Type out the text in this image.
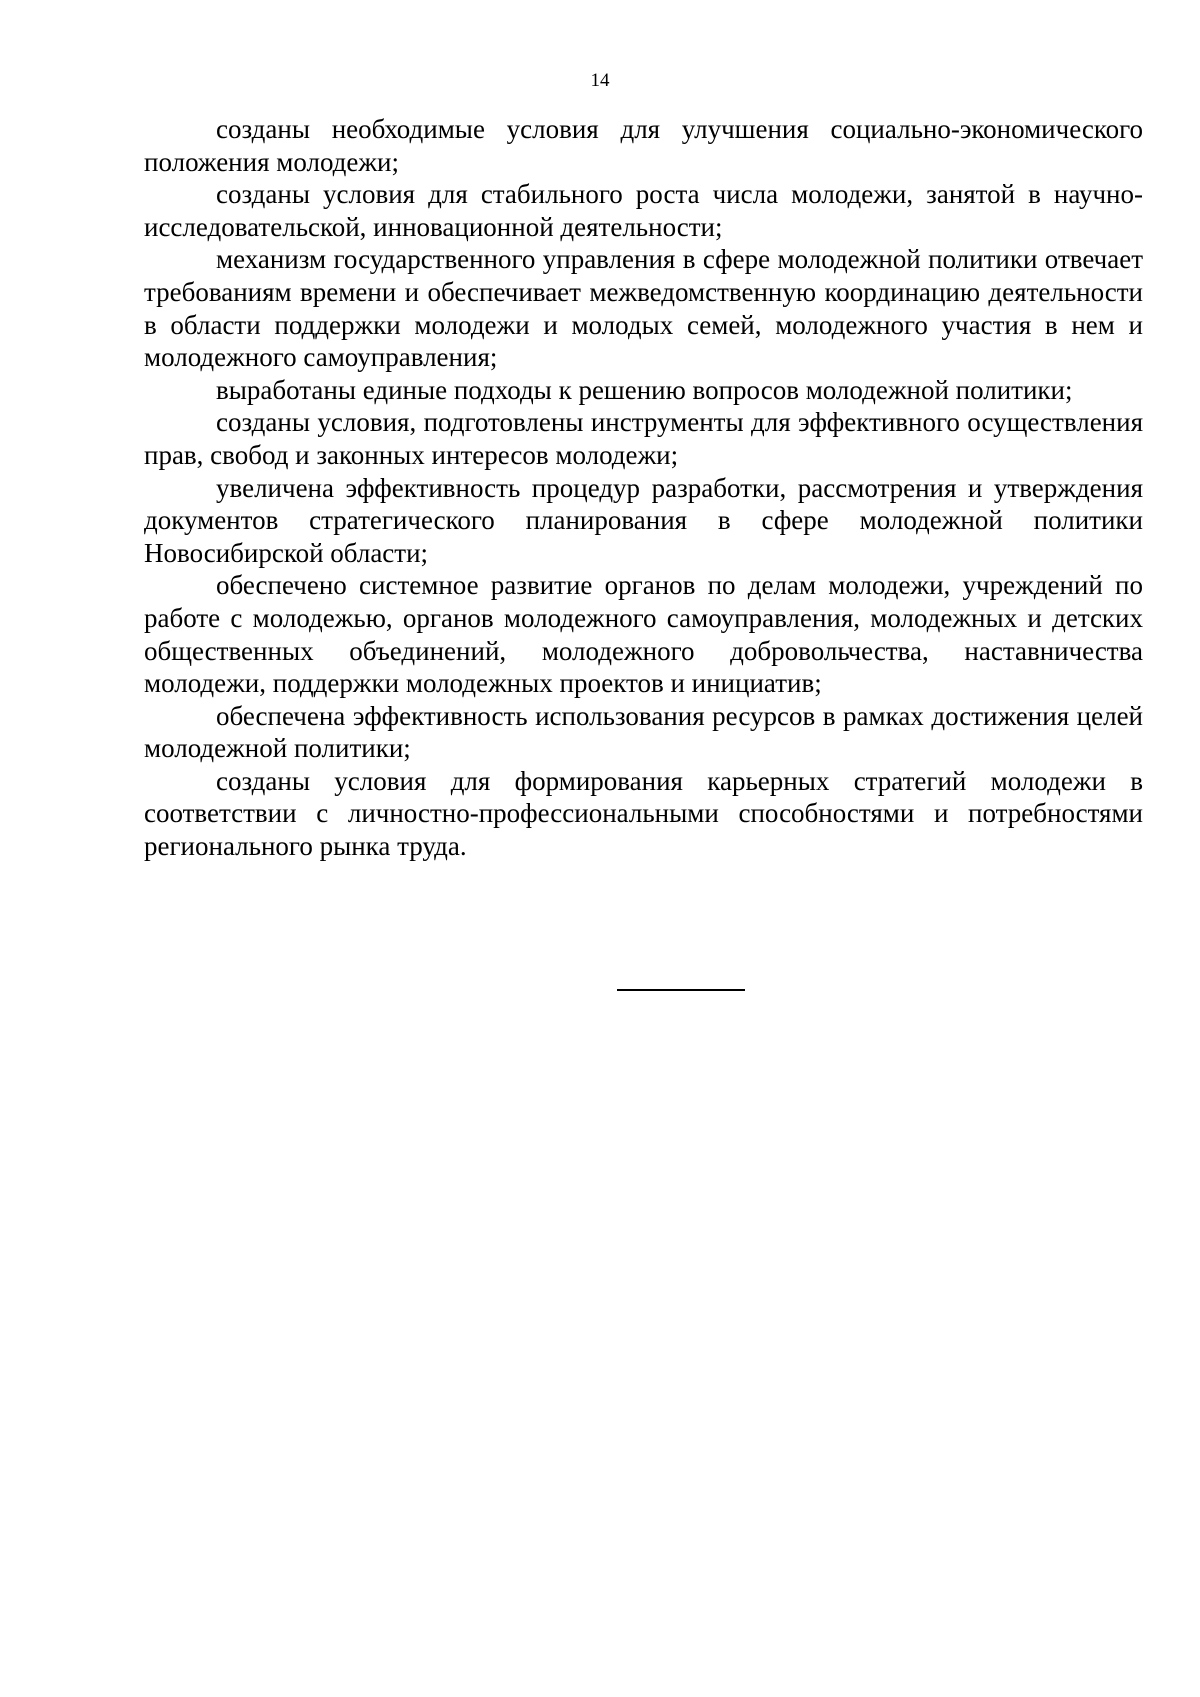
14

созданы необходимые условия для улучшения социально-экономического положения молодежи;

созданы условия для стабильного роста числа молодежи, занятой в научно-исследовательской, инновационной деятельности;

механизм государственного управления в сфере молодежной политики отвечает требованиям времени и обеспечивает межведомственную координацию деятельности в области поддержки молодежи и молодых семей, молодежного участия в нем и молодежного самоуправления;

выработаны единые подходы к решению вопросов молодежной политики;

созданы условия, подготовлены инструменты для эффективного осуществления прав, свобод и законных интересов молодежи;

увеличена эффективность процедур разработки, рассмотрения и утверждения документов стратегического планирования в сфере молодежной политики Новосибирской области;

обеспечено системное развитие органов по делам молодежи, учреждений по работе с молодежью, органов молодежного самоуправления, молодежных и детских общественных объединений, молодежного добровольчества, наставничества молодежи, поддержки молодежных проектов и инициатив;

обеспечена эффективность использования ресурсов в рамках достижения целей молодежной политики;

созданы условия для формирования карьерных стратегий молодежи в соответствии с личностно-профессиональными способностями и потребностями регионального рынка труда.
